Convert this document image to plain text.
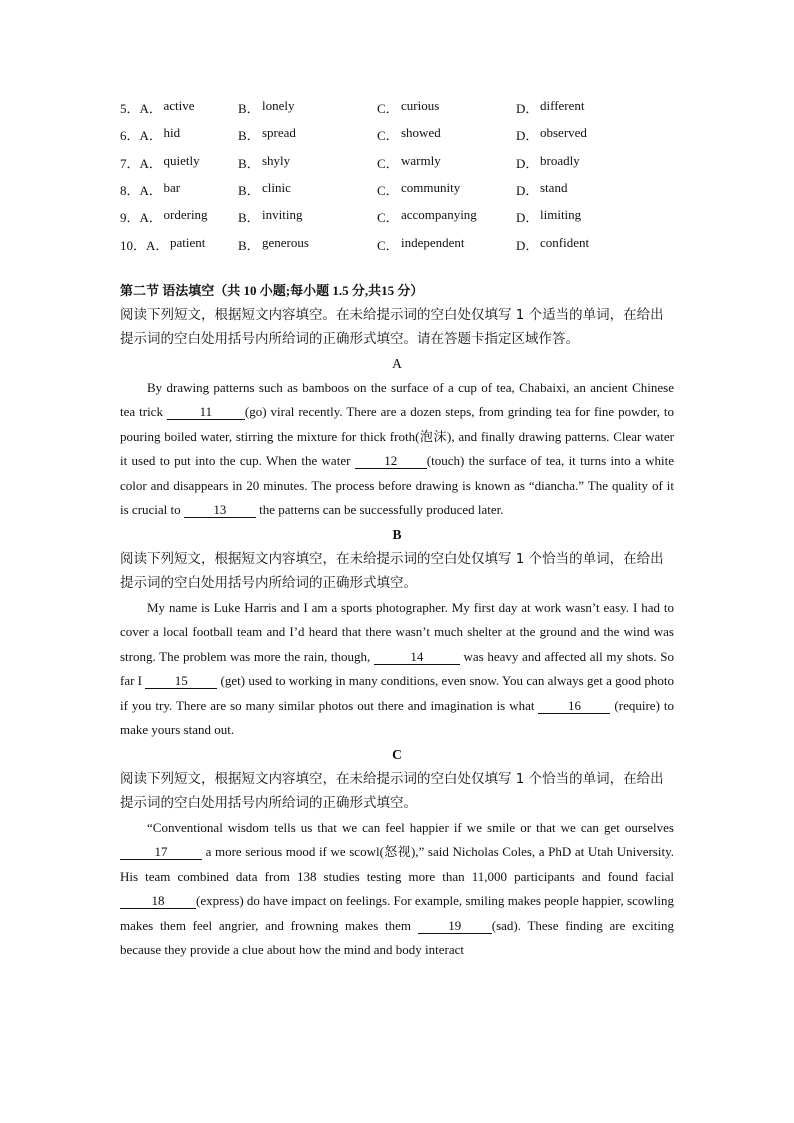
5． A． active	B． lonely	C． curious	D． different
6． A． hid	B． spread	C． showed	D． observed
7． A． quietly	B． shyly	C． warmly	D． broadly
8． A． bar	B． clinic	C． community	D． stand
9． A． ordering B． inviting	C． accompanying	D． limiting
10． A． patient	B． generous	C． independent	D． confident
第二节 语法填空（共 10 小题;每小题 1.5 分,共15 分）
阅读下列短文，根据短文内容填空。在未给提示词的空白处仅填写 1 个适当的单词，在给出提示词的空白处用括号内所给词的正确形式填空。请在答题卡指定区域作答。
A
By drawing patterns such as bamboos on the surface of a cup of tea, Chabaixi, an ancient Chinese tea trick	11	(go) viral recently. There are a dozen steps, from grinding tea for fine powder, to pouring boiled water, stirring the mixture for thick froth(泡沫), and finally drawing patterns. Clear water it used to put into the cup. When the water 12 (touch) the surface of tea, it turns into a white color and disappears in 20 minutes. The process before drawing is known as “diancha.” The quality of it is crucial to 13 the patterns can be successfully produced later.
B
阅读下列短文，根据短文内容填空，在未给提示词的空白处仅填写 1 个恰当的单词，在给出提示词的空白处用括号内所给词的正确形式填空。
My name is Luke Harris and I am a sports photographer. My first day at work wasn’t easy. I had to cover a local football team and I’d heard that there wasn’t much shelter at the ground and the wind was strong. The problem was more the rain, though,	14	was heavy and affected all my shots. So far I 15 (get) used to working in many conditions, even snow. You can always get a good photo if you try. There are so many similar photos out there and imagination is what 16 (require) to make yours stand out.
C
阅读下列短文，根据短文内容填空，在未给提示词的空白处仅填写 1 个恰当的单词，在给出提示词的空白处用括号内所给词的正确形式填空。
“Conventional wisdom tells us that we can feel happier if we smile or that we can get ourselves 17	a more serious mood if we scowl(怒视),” said Nicholas Coles, a PhD at Utah University. His team combined data from 138 studies testing more than 11,000 participants and found facial 18 (express) do have impact on feelings. For example, smiling makes people happier, scowling makes them feel angrier, and frowning makes them 19 (sad). These finding are exciting because they provide a clue about how the mind and body interact
